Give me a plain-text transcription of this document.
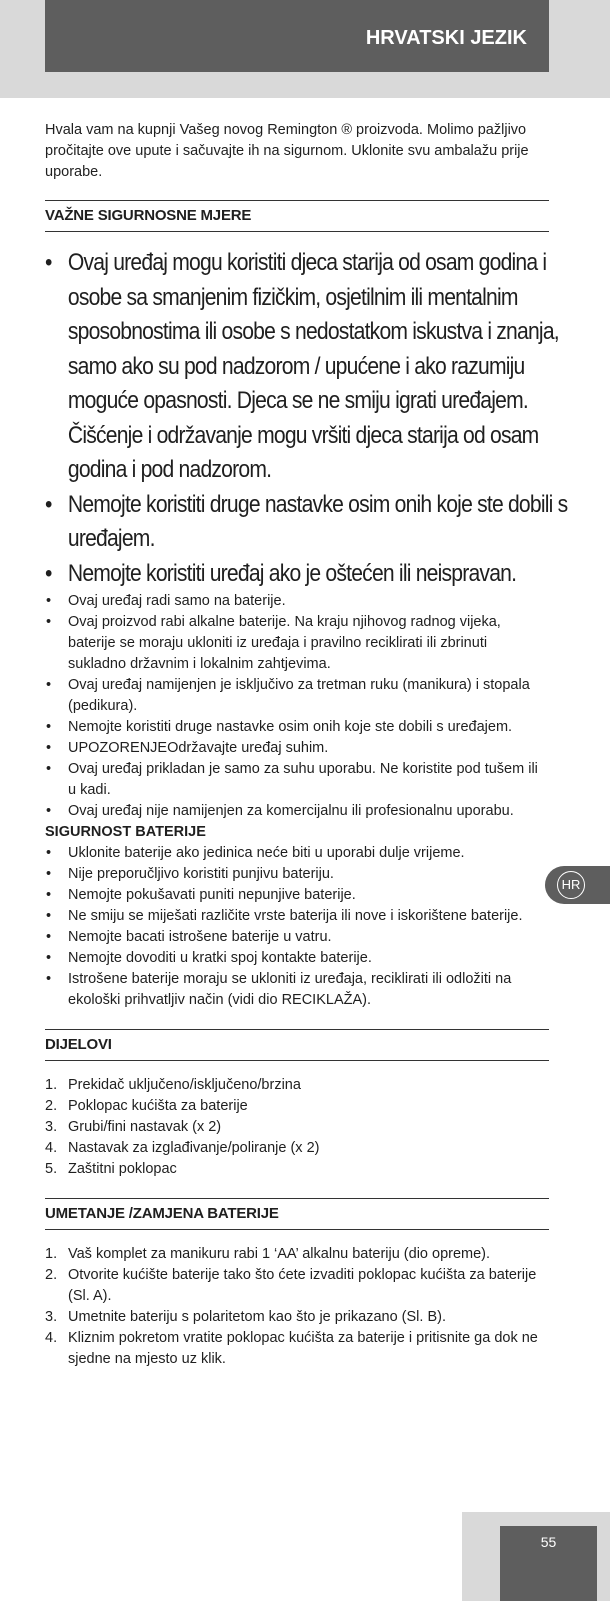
HRVATSKI JEZIK

Hvala vam na kupnji Vašeg novog Remington ® proizvoda. Molimo pažljivo pročitajte ove upute i sačuvajte ih na sigurnom. Uklonite svu ambalažu prije uporabe.

VAŽNE SIGURNOSNE MJERE
• Ovaj uređaj mogu koristiti djeca starija od osam godina i osobe sa smanjenim fizičkim, osjetilnim ili mentalnim sposobnostima ili osobe s nedostatkom iskustva i znanja, samo ako su pod nadzorom / upućene i ako razumiju moguće opasnosti. Djeca se ne smiju igrati uređajem. Čišćenje i održavanje mogu vršiti djeca starija od osam godina i pod nadzorom.
• Nemojte koristiti druge nastavke osim onih koje ste dobili s uređajem.
• Nemojte koristiti uređaj ako je oštećen ili neispravan.
• Ovaj uređaj radi samo na baterije.
• Ovaj proizvod rabi alkalne baterije. Na kraju njihovog radnog vijeka, baterije se moraju ukloniti iz uređaja i pravilno reciklirati ili zbrinuti sukladno državnim i lokalnim zahtjevima.
• Ovaj uređaj namijenjen je isključivo za tretman ruku (manikura) i stopala (pedikura).
• Nemojte koristiti druge nastavke osim onih koje ste dobili s uređajem.
• UPOZORENJEOdržavajte uređaj suhim.
• Ovaj uređaj prikladan je samo za suhu uporabu. Ne koristite pod tušem ili u kadi.
• Ovaj uređaj nije namijenjen za komercijalnu ili profesionalnu uporabu.
SIGURNOST BATERIJE
• Uklonite baterije ako jedinica neće biti u uporabi dulje vrijeme.
• Nije preporučljivo koristiti punjivu bateriju.
• Nemojte pokušavati puniti nepunjive baterije.
• Ne smiju se miješati različite vrste baterija ili nove i iskorištene baterije.
• Nemojte bacati istrošene baterije u vatru.
• Nemojte dovoditi u kratki spoj kontakte baterije.
• Istrošene baterije moraju se ukloniti iz uređaja, reciklirati ili odložiti na ekološki prihvatljiv način (vidi dio RECIKLAŽA).
DIJELOVI
1. Prekidač uključeno/isključeno/brzina
2. Poklopac kućišta za baterije
3. Grubi/fini nastavak (x 2)
4. Nastavak za izglađivanje/poliranje (x 2)
5. Zaštitni poklopac
UMETANJE /ZAMJENA BATERIJE
1. Vaš komplet za manikuru rabi 1 ‘AA’ alkalnu bateriju (dio opreme).
2. Otvorite kućište baterije tako što ćete izvaditi poklopac kućišta za baterije (Sl. A).
3. Umetnite bateriju s polaritetom kao što je prikazano (Sl. B).
4. Kliznim pokretom vratite poklopac kućišta za baterije i pritisnite ga dok ne sjedne na mjesto uz klik.
HR
55
